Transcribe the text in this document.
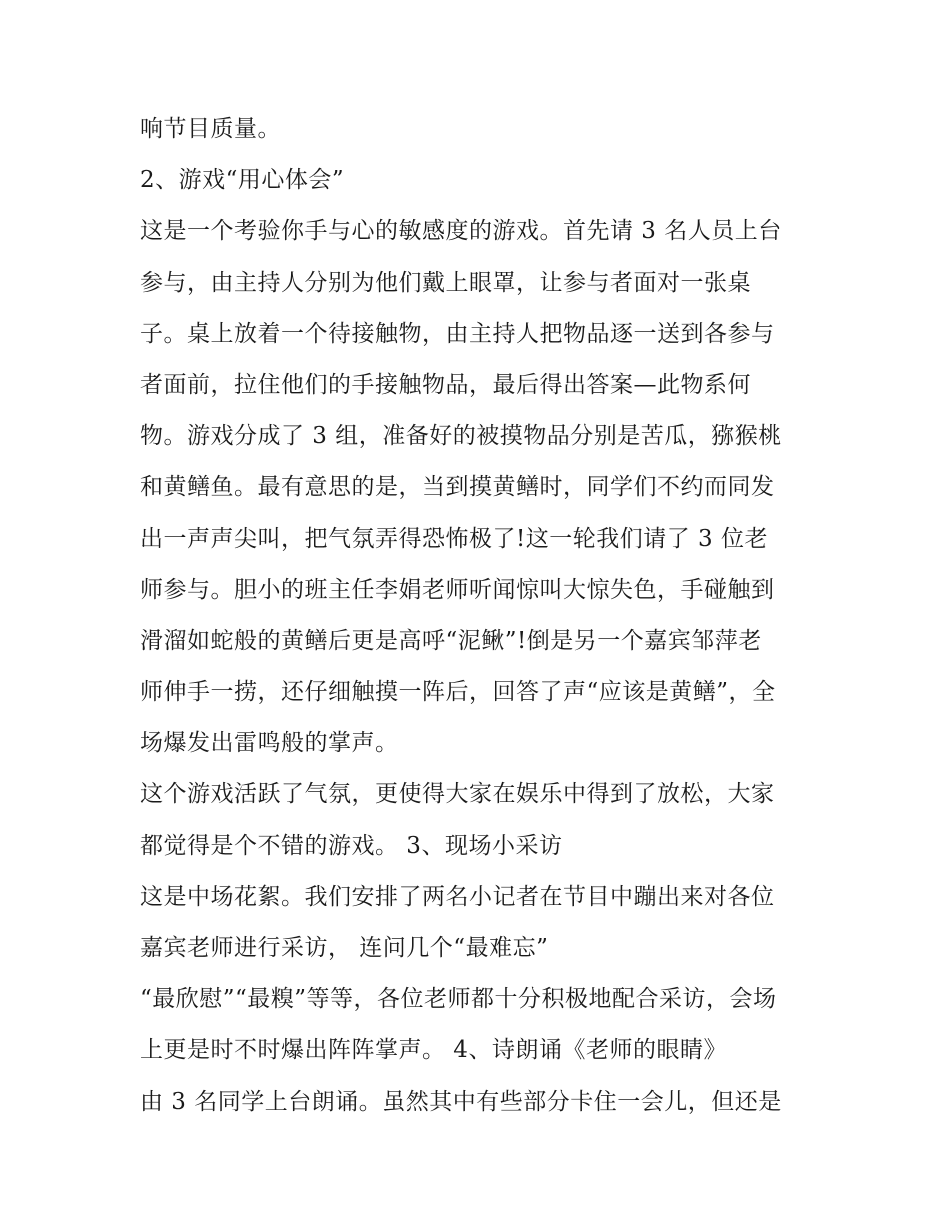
响节目质量。
2、游戏“用心体会”
这是一个考验你手与心的敏感度的游戏。首先请 3 名人员上台
参与，由主持人分别为他们戴上眼罩，让参与者面对一张桌
子。桌上放着一个待接触物，由主持人把物品逐一送到各参与
者面前，拉住他们的手接触物品，最后得出答案—此物系何
物。游戏分成了 3 组，准备好的被摸物品分别是苦瓜，猕猴桃
和黄鳝鱼。最有意思的是，当到摸黄鳝时，同学们不约而同发
出一声声尖叫，把气氛弄得恐怖极了!这一轮我们请了 3 位老
师参与。胆小的班主任李娟老师听闻惊叫大惊失色，手碰触到
滑溜如蛇般的黄鳝后更是高呼“泥鳅”!倒是另一个嘉宾邹萍老
师伸手一捞，还仔细触摸一阵后，回答了声“应该是黄鳝”，全
场爆发出雷鸣般的掌声。
这个游戏活跃了气氛，更使得大家在娱乐中得到了放松，大家
都觉得是个不错的游戏。 3、现场小采访
这是中场花絮。我们安排了两名小记者在节目中蹦出来对各位
嘉宾老师进行采访， 连问几个“最难忘”
“最欣慰”“最糗”等等，各位老师都十分积极地配合采访，会场
上更是时不时爆出阵阵掌声。 4、诗朗诵《老师的眼睛》
由 3 名同学上台朗诵。虽然其中有些部分卡住一会儿，但还是
